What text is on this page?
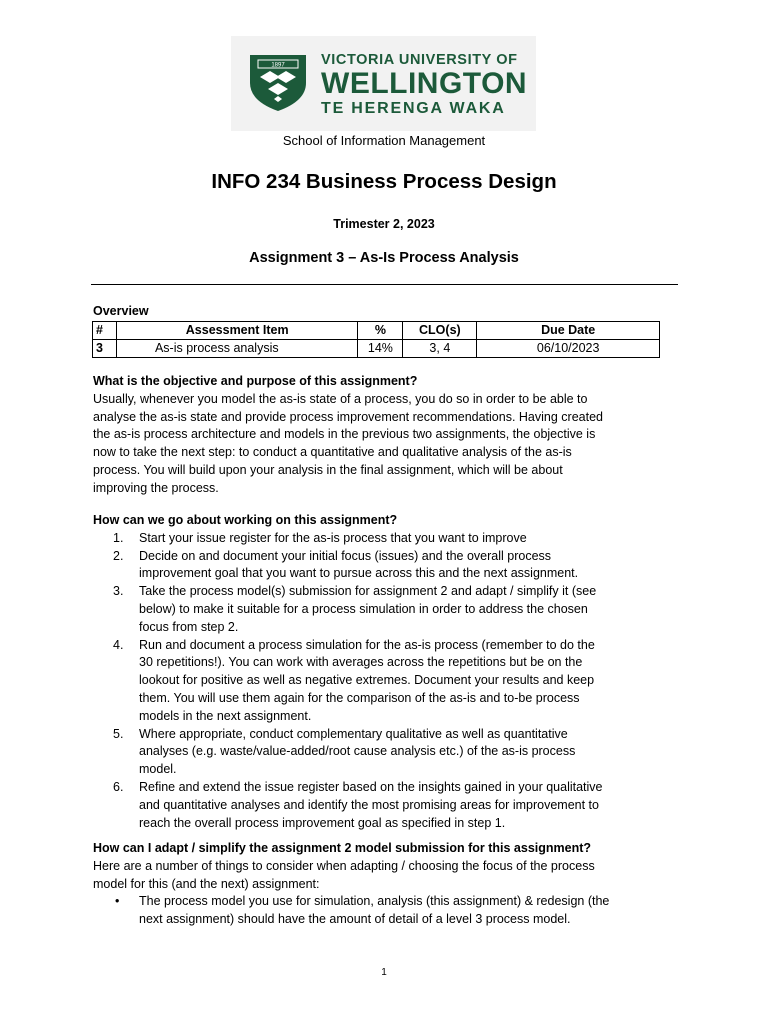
1897	VICTORIA UNIVERSITY OF
WELLINGTON
TE HERENGA WAKA
School of Information Management
INFO 234 Business Process Design
Trimester 2, 2023
Assignment 3 – As-Is Process Analysis
Overview
#	Assessment Item	%	CLO(s)	Due Date
3	As-is process analysis	14%	3, 4	06/10/2023
What is the objective and purpose of this assignment?
Usually, whenever you model the as-is state of a process, you do so in order to be able to
analyse the as-is state and provide process improvement recommendations. Having created
the as-is process architecture and models in the previous two assignments, the objective is
now to take the next step: to conduct a quantitative and qualitative analysis of the as-is
process. You will build upon your analysis in the final assignment, which will be about
improving the process.
How can we go about working on this assignment?
1. Start your issue register for the as-is process that you want to improve
2. Decide on and document your initial focus (issues) and the overall process
improvement goal that you want to pursue across this and the next assignment.
3. Take the process model(s) submission for assignment 2 and adapt / simplify it (see
below) to make it suitable for a process simulation in order to address the chosen
focus from step 2.
4. Run and document a process simulation for the as-is process (remember to do the
30 repetitions!). You can work with averages across the repetitions but be on the
lookout for positive as well as negative extremes. Document your results and keep
them. You will use them again for the comparison of the as-is and to-be process
models in the next assignment.
5. Where appropriate, conduct complementary qualitative as well as quantitative
analyses (e.g. waste/value-added/root cause analysis etc.) of the as-is process
model.
6. Refine and extend the issue register based on the insights gained in your qualitative
and quantitative analyses and identify the most promising areas for improvement to
reach the overall process improvement goal as specified in step 1.
How can I adapt / simplify the assignment 2 model submission for this assignment?
Here are a number of things to consider when adapting / choosing the focus of the process
model for this (and the next) assignment:
• The process model you use for simulation, analysis (this assignment) & redesign (the
next assignment) should have the amount of detail of a level 3 process model.
1
